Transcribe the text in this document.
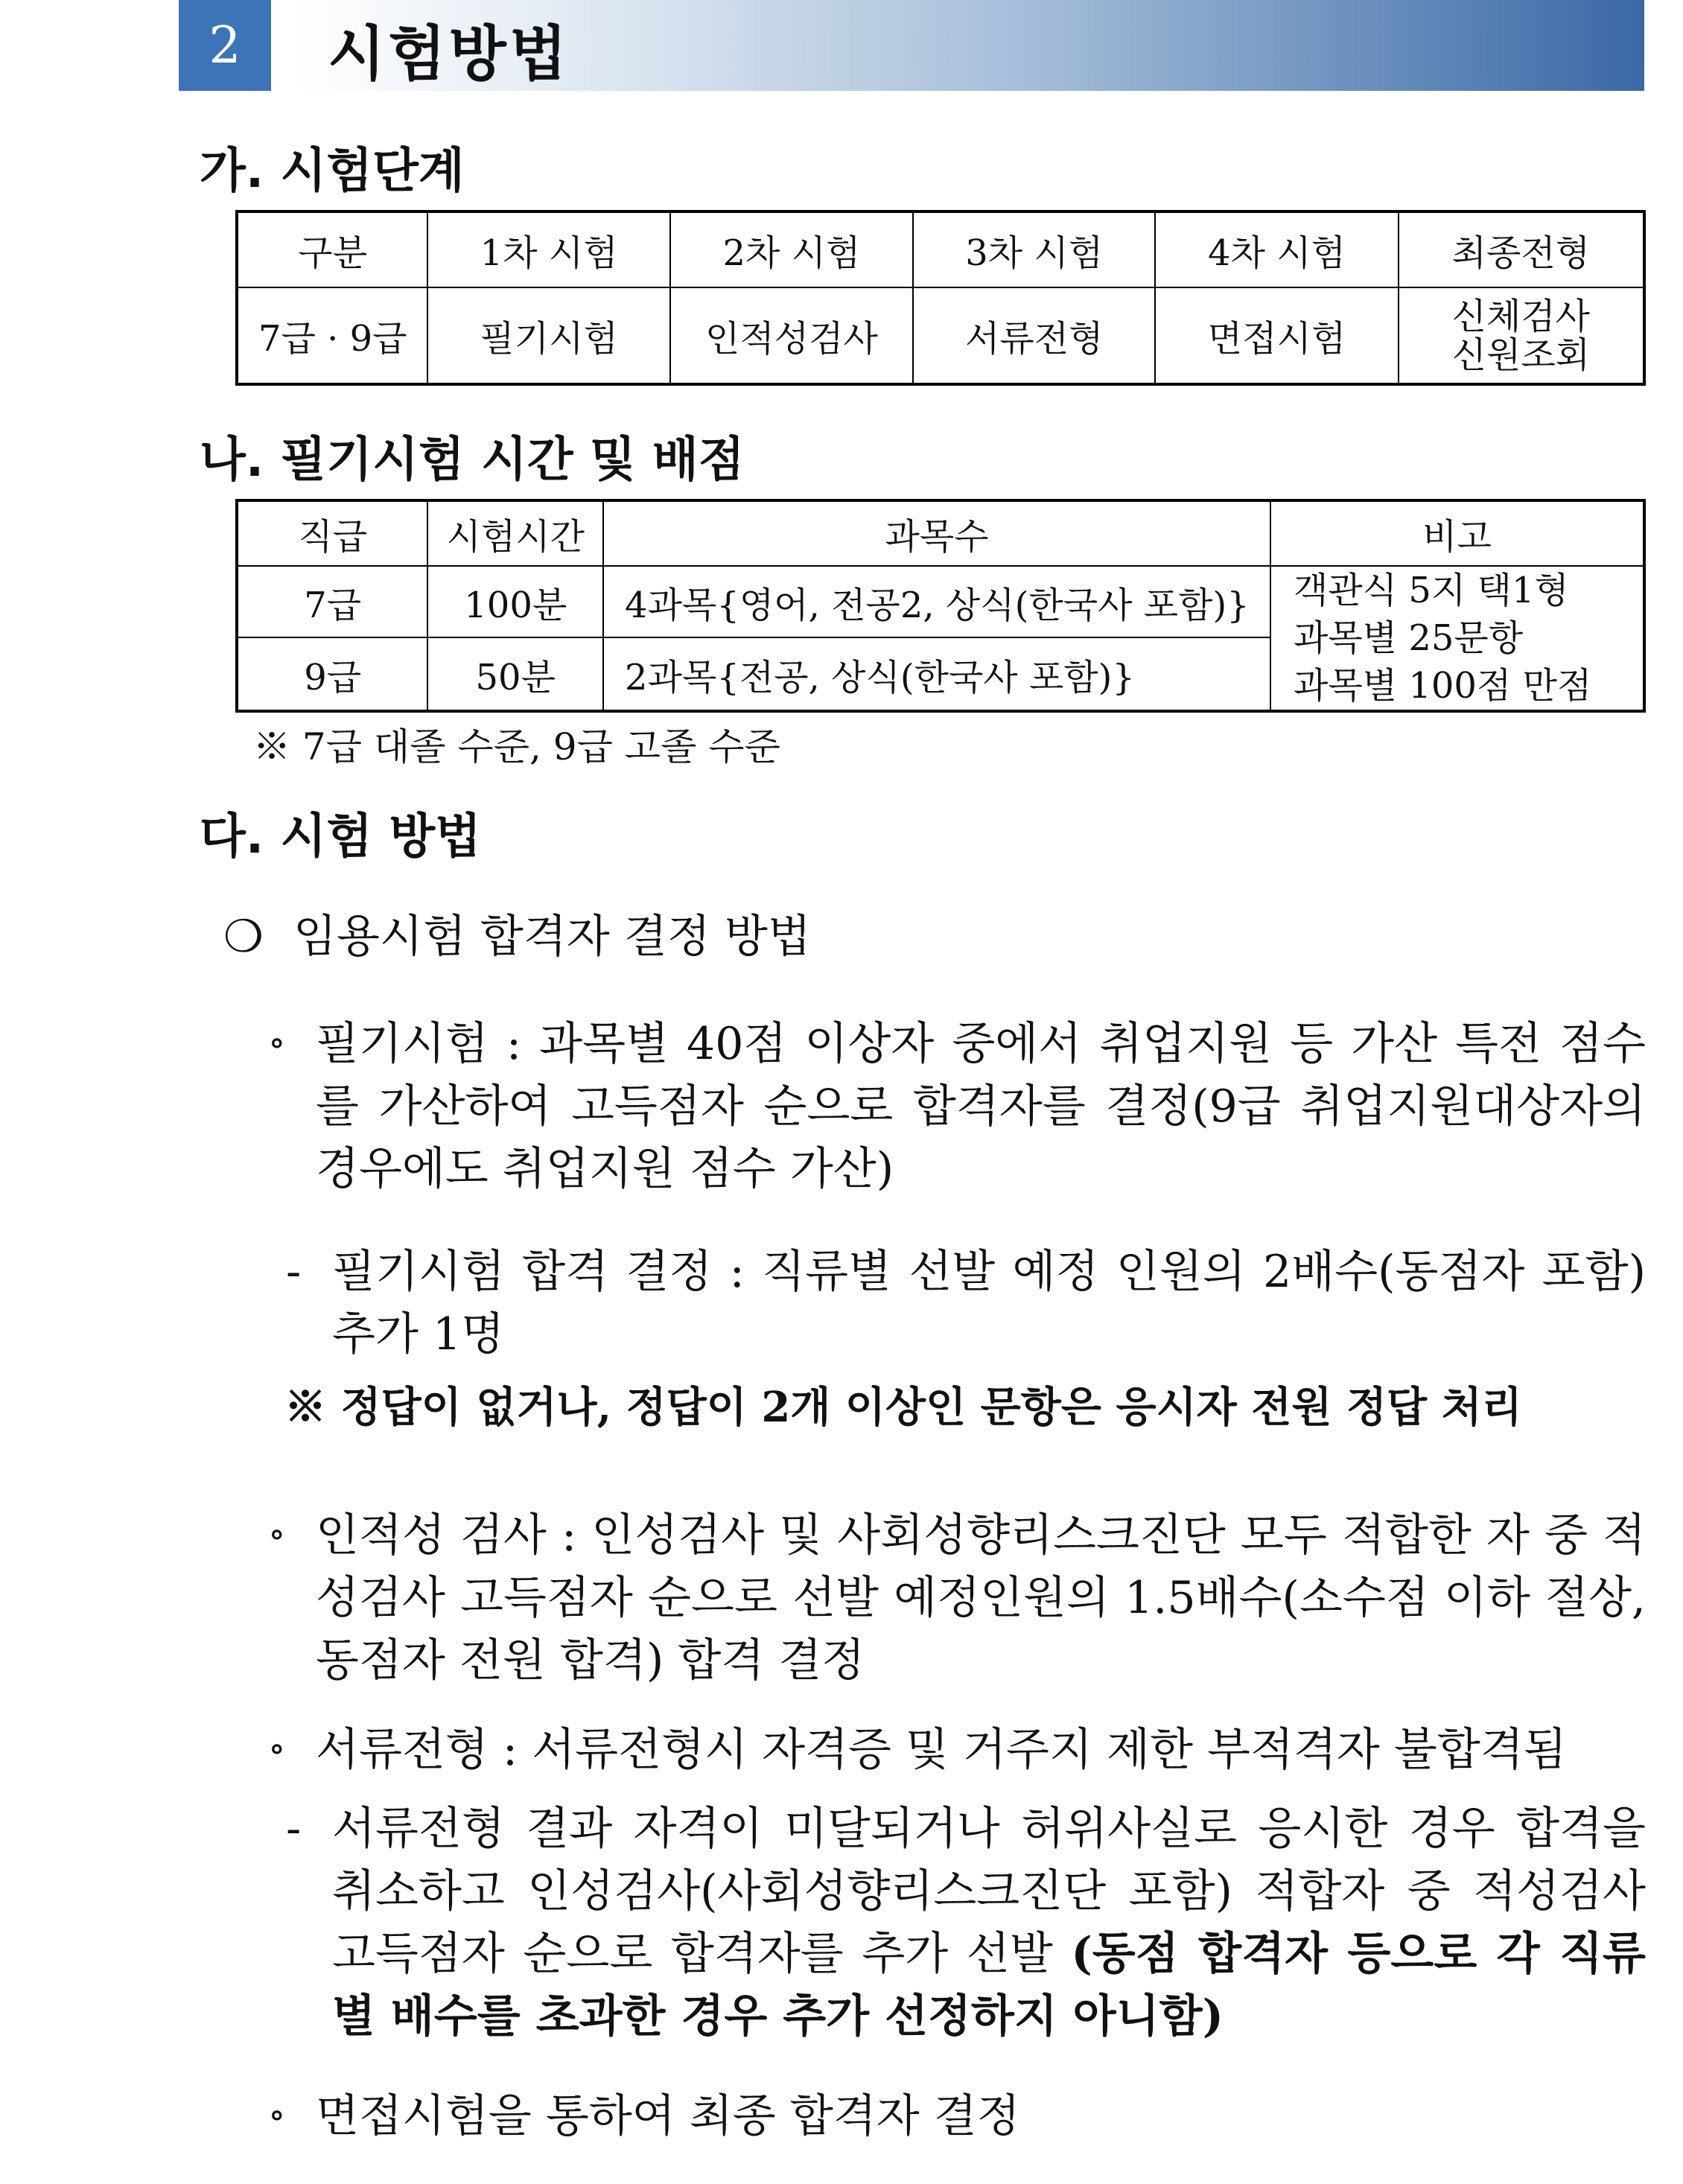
2	시험방법
가. 시험단계
구분	1차 시험	2차 시험	3차 시험	4차 시험	최종전형
7급 · 9급	필기시험	인적성검사	서류전형	면접시험	신체검사
신원조회
나. 필기시험 시간 및 배점
직급	시험시간	과목수	비고
7급	100분	4과목{영어, 전공2, 상식(한국사 포함)}	객관식 5지 택1형
과목별 25문항
과목별 100점 만점

9급	50분	2과목{전공, 상식(한국사 포함)}	
※ 7급 대졸 수준, 9급 고졸 수준
다. 시험 방법
❍ 임용시험 합격자 결정 방법
∘ 필기시험 : 과목별 40점 이상자 중에서 취업지원 등 가산 특전 점수를 가산하여 고득점자 순으로 합격자를 결정(9급 취업지원대상자의 경우에도 취업지원 점수 가산)
- 필기시험 합격 결정 : 직류별 선발 예정 인원의 2배수(동점자 포함) 추가 1명
※ 정답이 없거나, 정답이 2개 이상인 문항은 응시자 전원 정답 처리
∘ 인적성 검사 : 인성검사 및 사회성향리스크진단 모두 적합한 자 중 적성검사 고득점자 순으로 선발 예정인원의 1.5배수(소수점 이하 절상, 동점자 전원 합격) 합격 결정
∘ 서류전형 : 서류전형시 자격증 및 거주지 제한 부적격자 불합격됨
- 서류전형 결과 자격이 미달되거나 허위사실로 응시한 경우 합격을 취소하고 인성검사(사회성향리스크진단 포함) 적합자 중 적성검사 고득점자 순으로 합격자를 추가 선발 (동점 합격자 등으로 각 직류별 배수를 초과한 경우 추가 선정하지 아니함)

∘ 면접시험을 통하여 최종 합격자 결정
